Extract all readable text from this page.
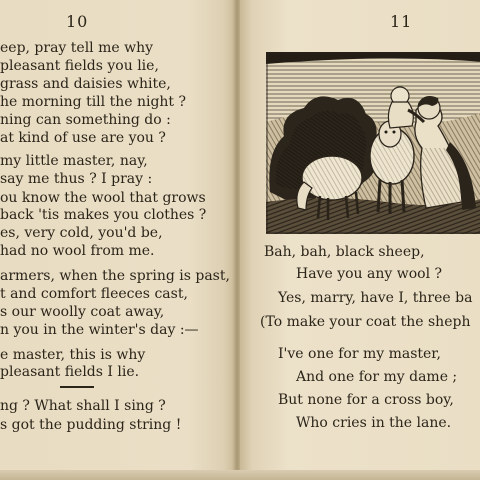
10
eep, pray tell me why
pleasant fields you lie,
grass and daisies white,
he morning till the night ?
ning can something do :
at kind of use are you ?
my little master, nay,
say me thus ? I pray :
ou know the wool that grows
back 'tis makes you clothes ?
es, very cold, you'd be,
had no wool from me.
armers, when the spring is past,
t and comfort fleeces cast,
s our woolly coat away,
n you in the winter's day :—
e master, this is why
pleasant fields I lie.
ng ? What shall I sing ?
s got the pudding string !
11
Bah, bah, black sheep,
Have you any wool ?
Yes, marry, have I, three ba
(To make your coat the sheph
I've one for my master,
And one for my dame ;
But none for a cross boy,
Who cries in the lane.
